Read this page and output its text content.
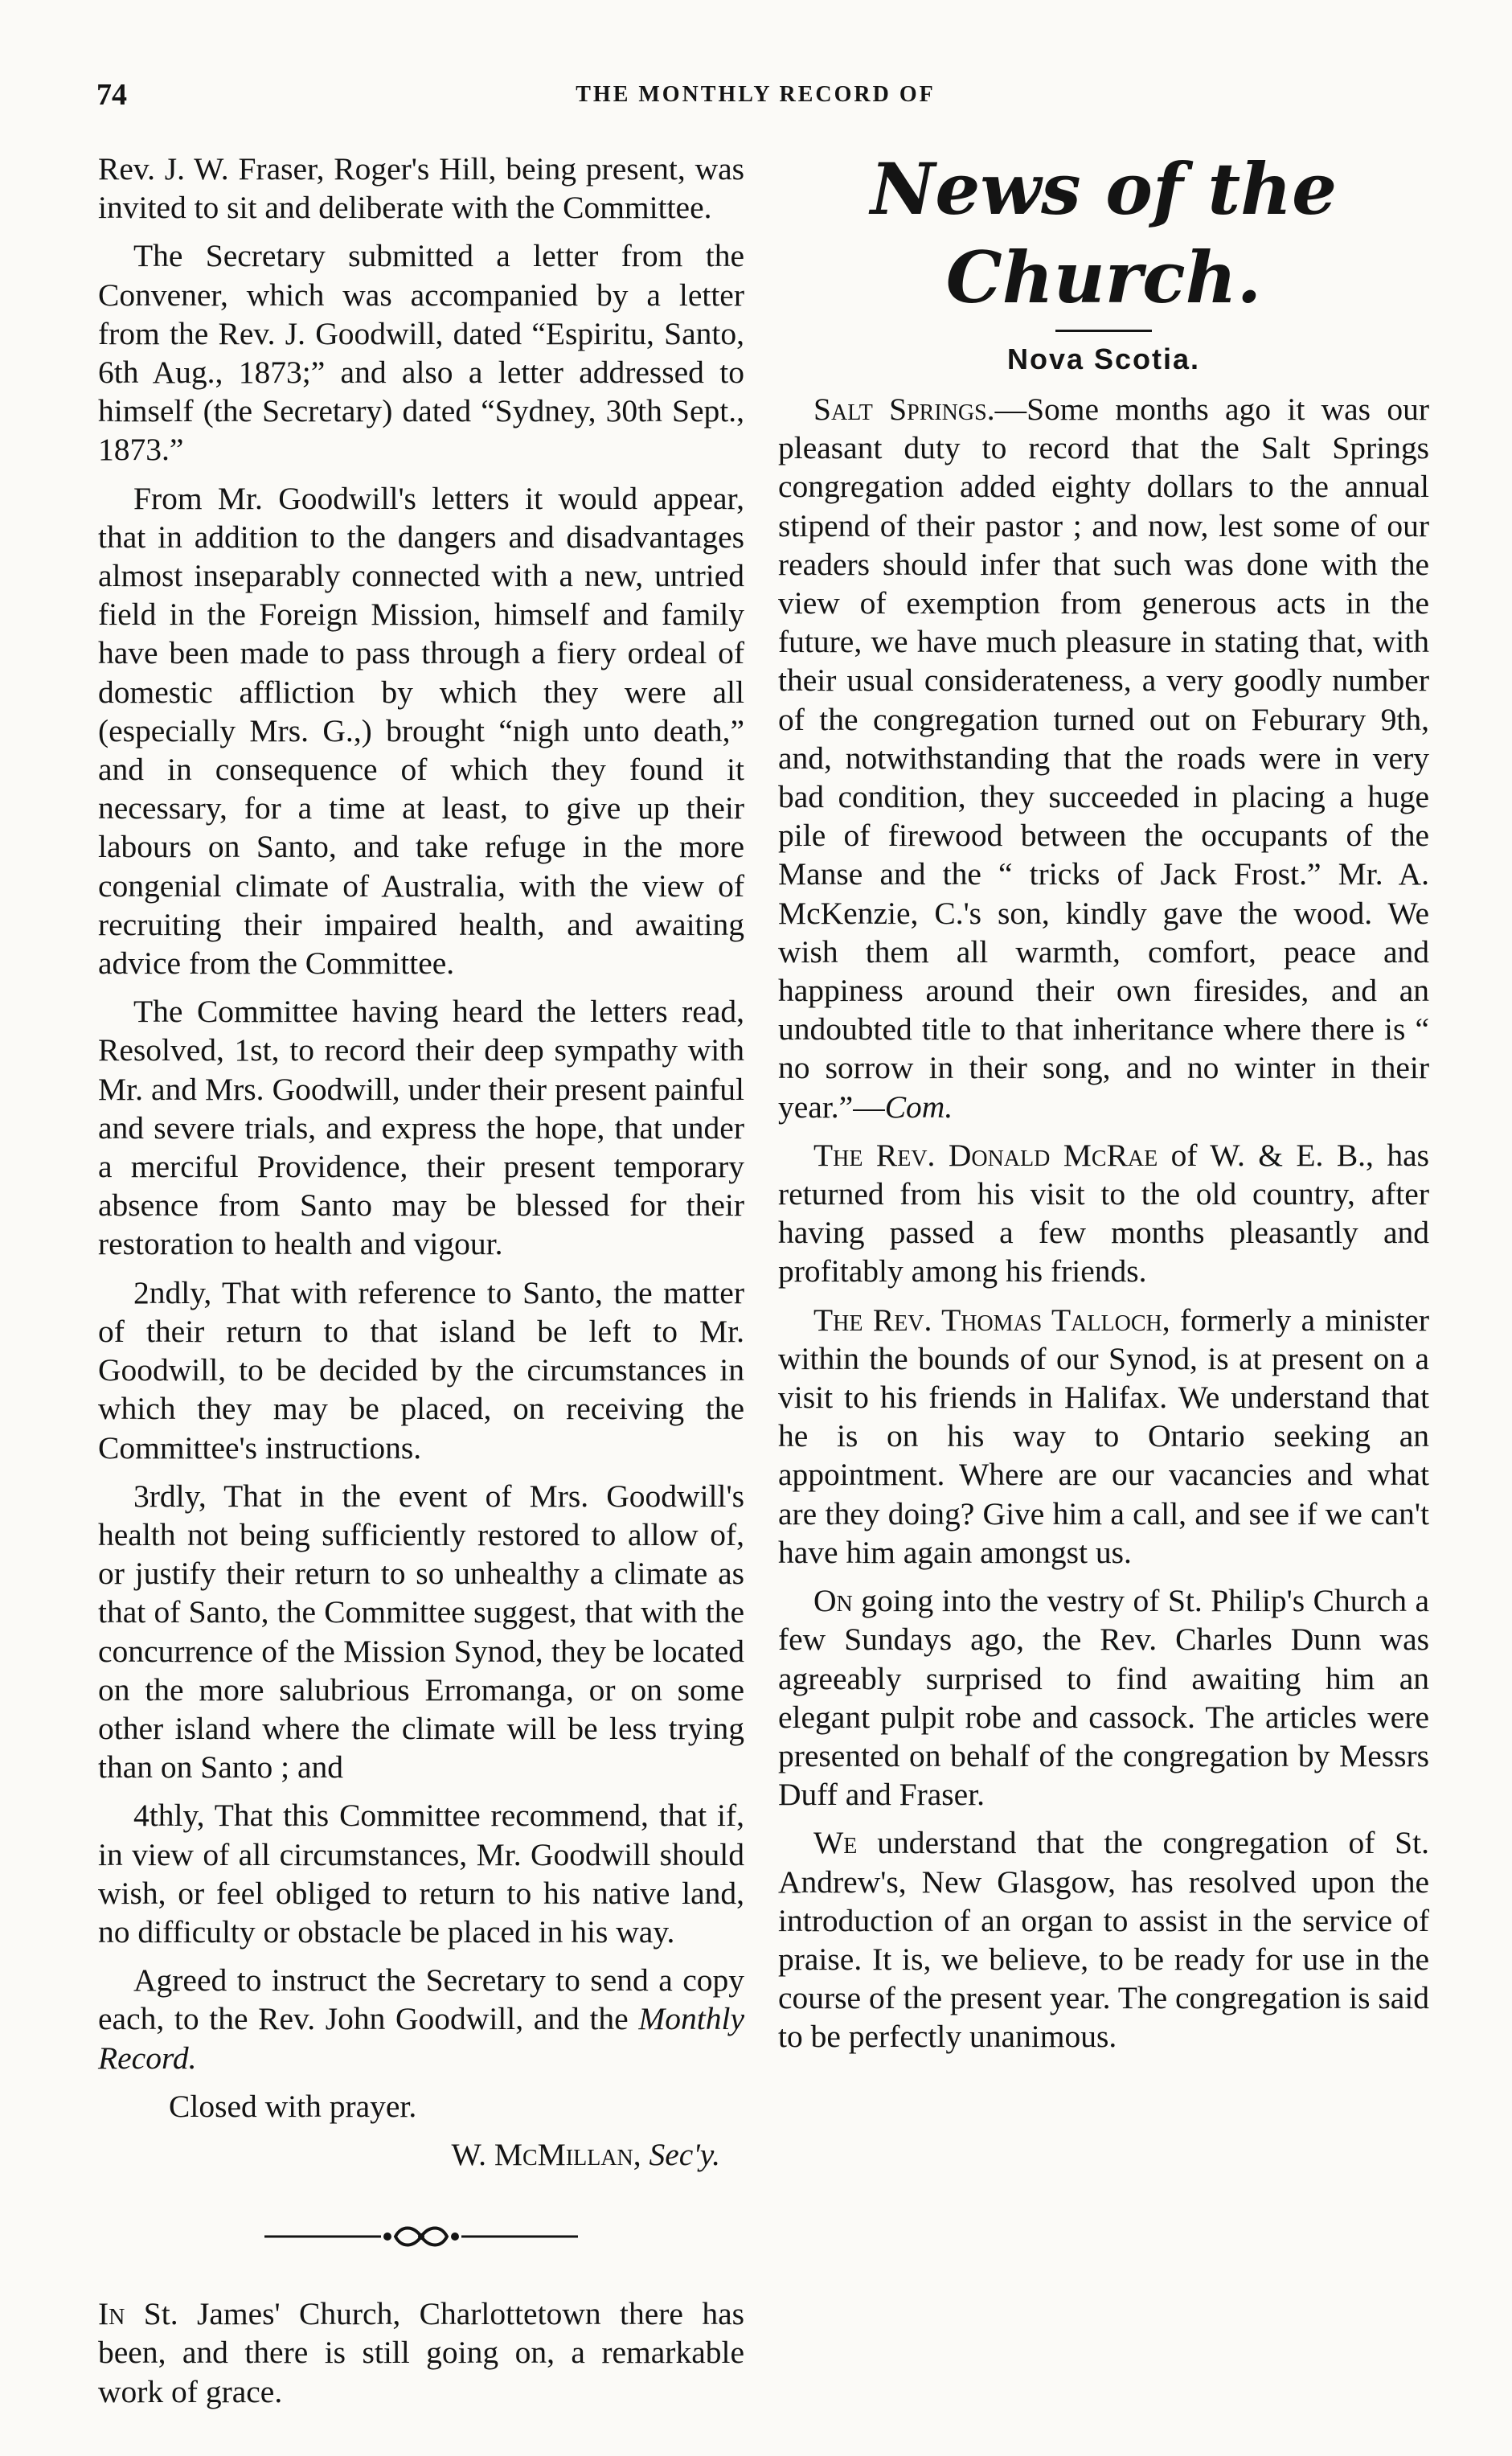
74	THE MONTHLY RECORD OF

Rev. J. W. Fraser, Roger's Hill, being present, was invited to sit and deliberate with the Committee.

The Secretary submitted a letter from the Convener, which was accompanied by a letter from the Rev. J. Goodwill, dated “Espiritu, Santo, 6th Aug., 1873;” and also a letter addressed to himself (the Secretary) dated “Sydney, 30th Sept., 1873.”

From Mr. Goodwill's letters it would appear, that in addition to the dangers and disadvantages almost inseparably connected with a new, untried field in the Foreign Mission, himself and family have been made to pass through a fiery ordeal of domestic affliction by which they were all (especially Mrs. G.,) brought “nigh unto death,” and in consequence of which they found it necessary, for a time at least, to give up their labours on Santo, and take refuge in the more congenial climate of Australia, with the view of recruiting their impaired health, and awaiting advice from the Committee.

The Committee having heard the letters read, Resolved, 1st, to record their deep sympathy with Mr. and Mrs. Goodwill, under their present painful and severe trials, and express the hope, that under a merciful Providence, their present temporary absence from Santo may be blessed for their restoration to health and vigour.

2ndly, That with reference to Santo, the matter of their return to that island be left to Mr. Goodwill, to be decided by the circumstances in which they may be placed, on receiving the Committee's instructions.

3rdly, That in the event of Mrs. Goodwill's health not being sufficiently restored to allow of, or justify their return to so unhealthy a climate as that of Santo, the Committee suggest, that with the concurrence of the Mission Synod, they be located on the more salubrious Erromanga, or on some other island where the climate will be less trying than on Santo ; and

4thly, That this Committee recommend, that if, in view of all circumstances, Mr. Goodwill should wish, or feel obliged to return to his native land, no difficulty or obstacle be placed in his way.

Agreed to instruct the Secretary to send a copy each, to the Rev. John Goodwill, and the Monthly Record.

Closed with prayer.

W. McMillan, Sec'y.

In St. James' Church, Charlottetown there has been, and there is still going on, a remarkable work of grace.

News of the Church.
Nova Scotia.

Salt Springs.—Some months ago it was our pleasant duty to record that the Salt Springs congregation added eighty dollars to the annual stipend of their pastor ; and now, lest some of our readers should infer that such was done with the view of exemption from generous acts in the future, we have much pleasure in stating that, with their usual considerateness, a very goodly number of the congregation turned out on Feburary 9th, and, notwithstanding that the roads were in very bad condition, they succeeded in placing a huge pile of firewood between the occupants of the Manse and the “ tricks of Jack Frost.” Mr. A. McKenzie, C.'s son, kindly gave the wood. We wish them all warmth, comfort, peace and happiness around their own firesides, and an undoubted title to that inheritance where there is “ no sorrow in their song, and no winter in their year.”—Com.

The Rev. Donald McRae of W. & E. B., has returned from his visit to the old country, after having passed a few months pleasantly and profitably among his friends.

The Rev. Thomas Talloch, formerly a minister within the bounds of our Synod, is at present on a visit to his friends in Halifax. We understand that he is on his way to Ontario seeking an appointment. Where are our vacancies and what are they doing? Give him a call, and see if we can't have him again amongst us.

On going into the vestry of St. Philip's Church a few Sundays ago, the Rev. Charles Dunn was agreeably surprised to find awaiting him an elegant pulpit robe and cassock. The articles were presented on behalf of the congregation by Messrs Duff and Fraser.

We understand that the congregation of St. Andrew's, New Glasgow, has resolved upon the introduction of an organ to assist in the service of praise. It is, we believe, to be ready for use in the course of the present year. The congregation is said to be perfectly unanimous.
